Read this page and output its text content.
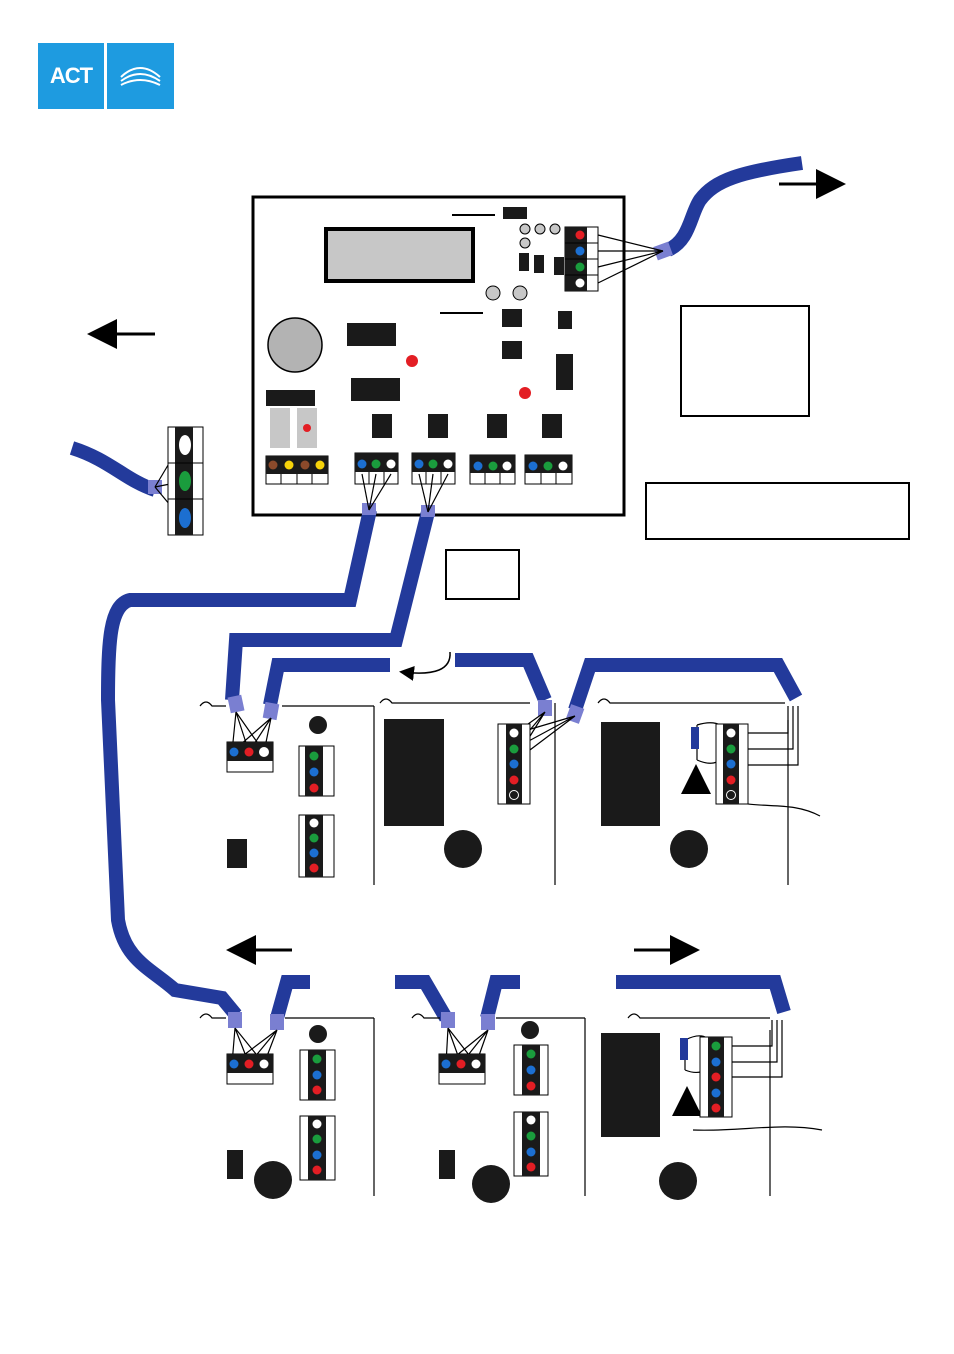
ACT
